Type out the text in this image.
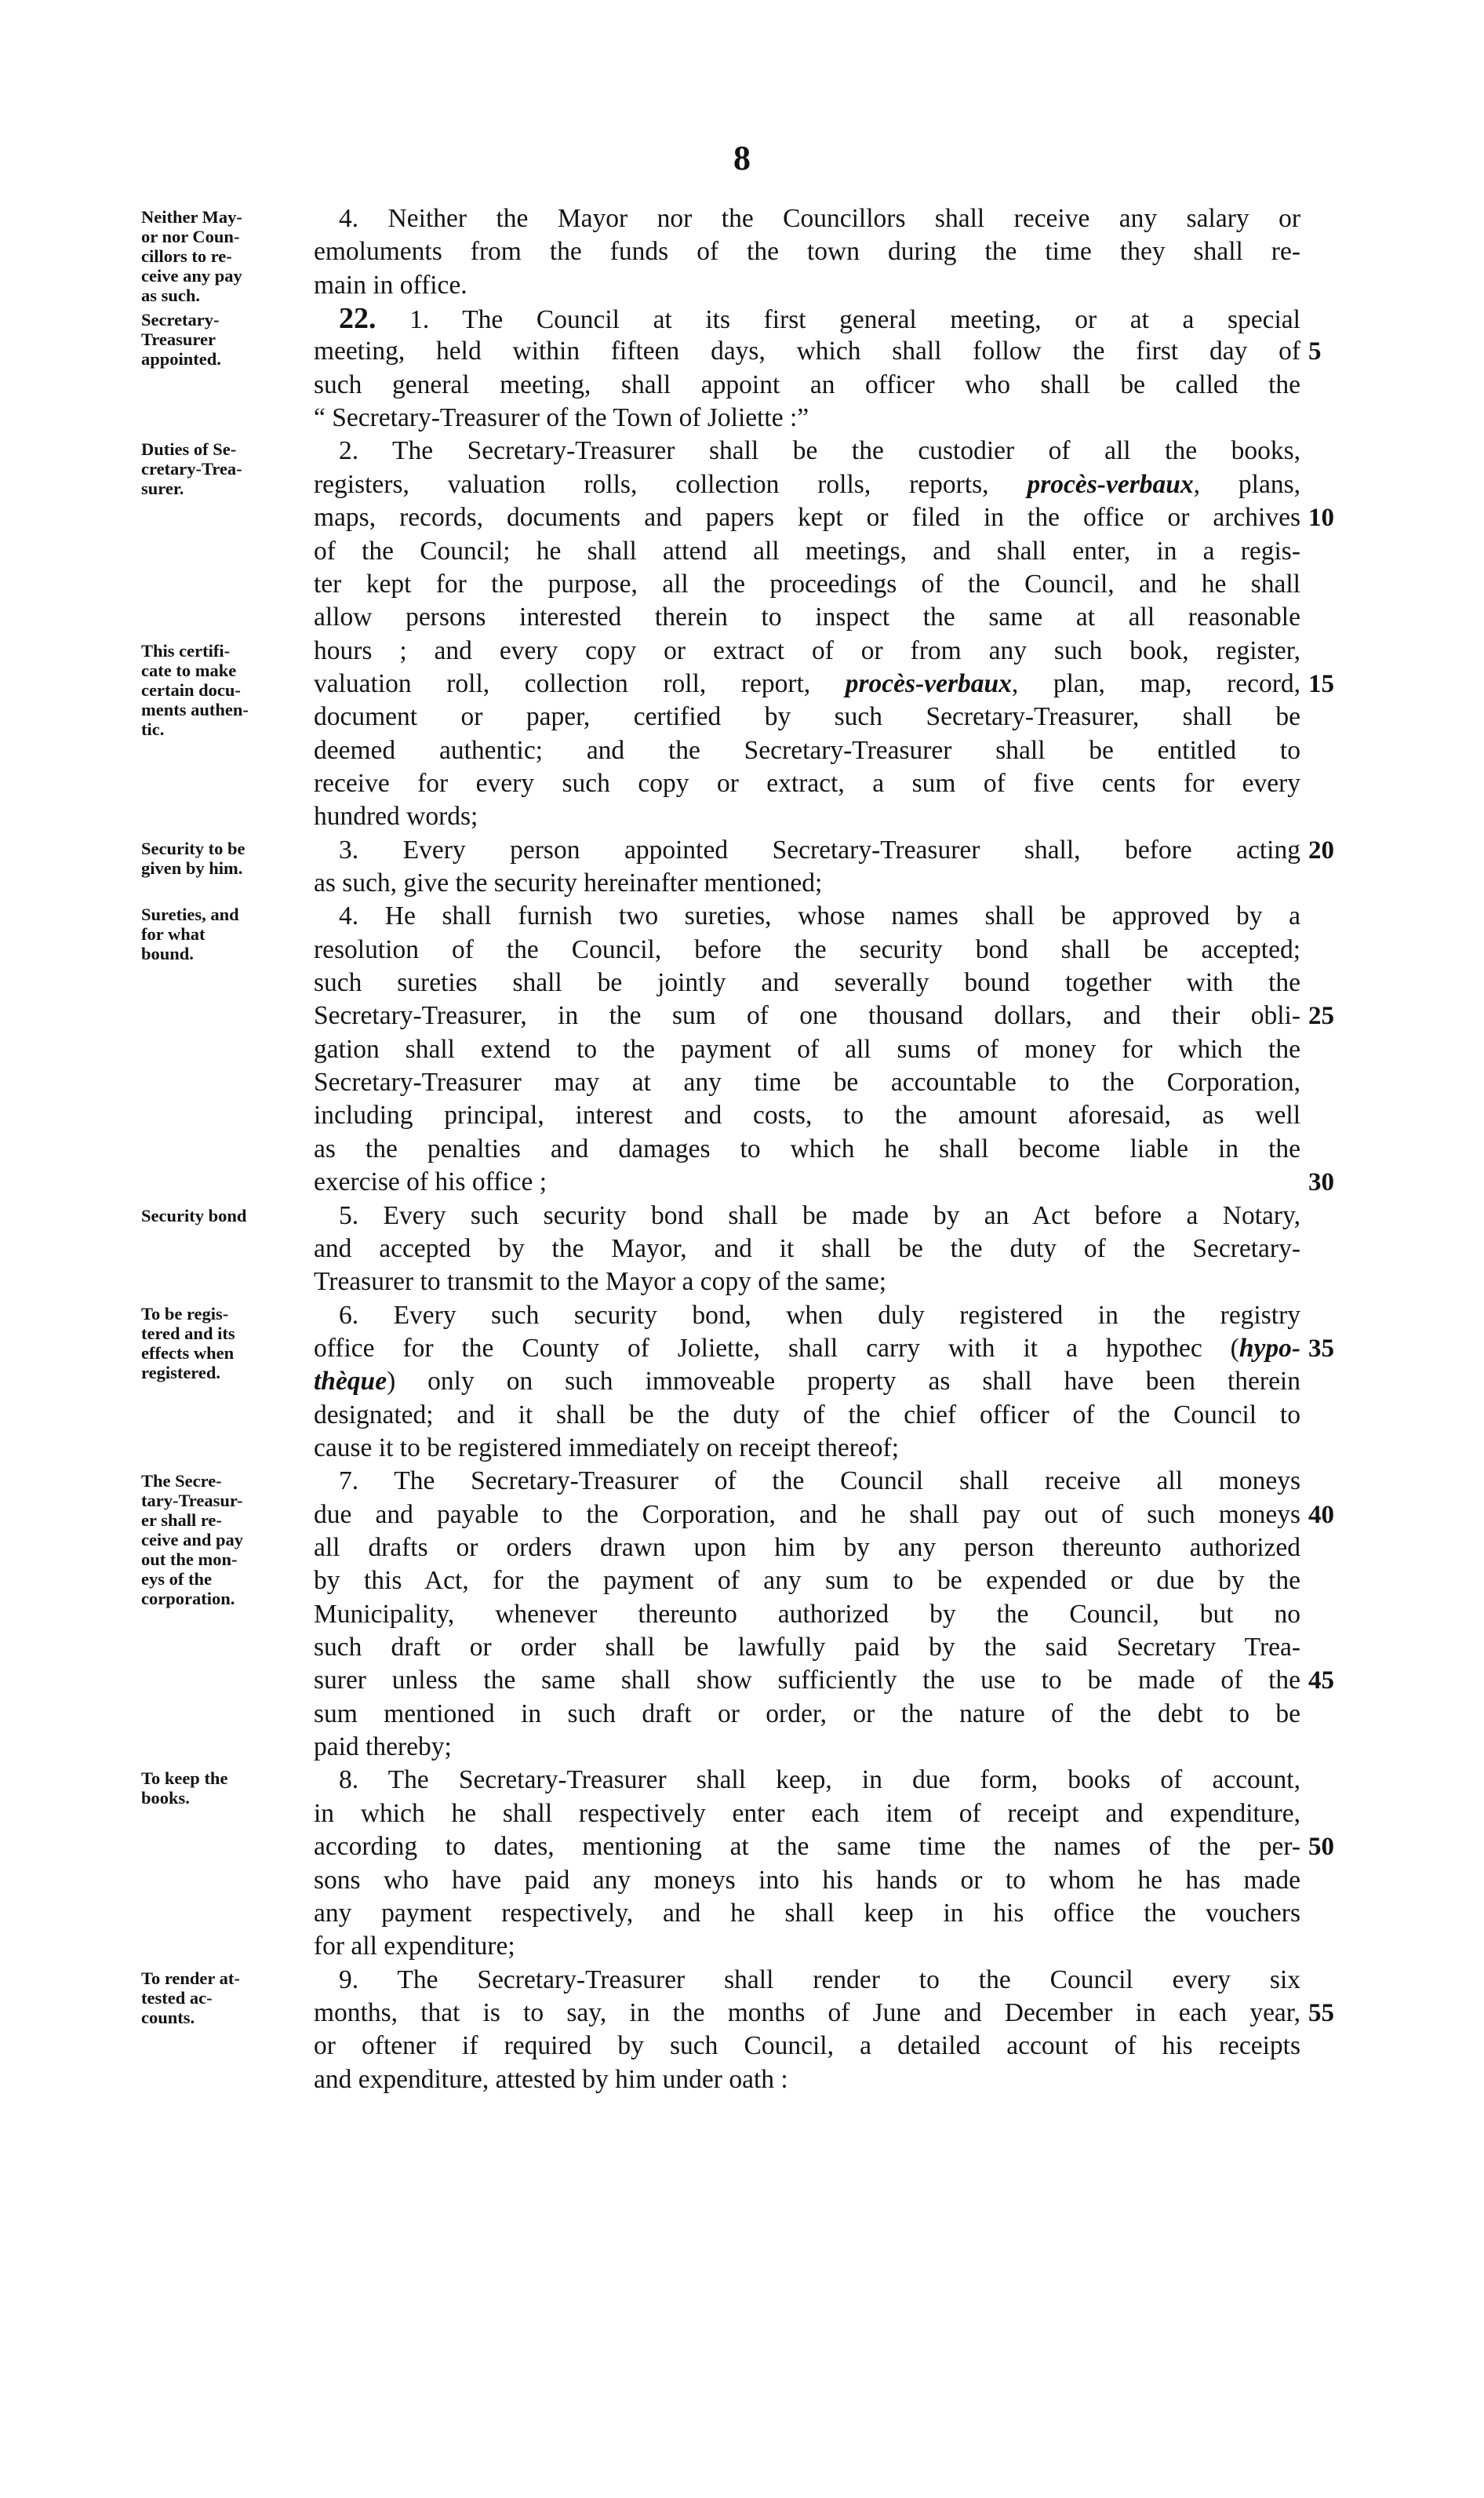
8
4. Neither the Mayor nor the Councillors shall receive any salary or
emoluments from the funds of the town during the time they shall re-
main in office.
22. 1. The Council at its first general meeting, or at a special
meeting, held within fifteen days, which shall follow the first day of
such general meeting, shall appoint an officer who shall be called the
“ Secretary-Treasurer of the Town of Joliette :”
2. The Secretary-Treasurer shall be the custodier of all the books,
registers, valuation rolls, collection rolls, reports, procès-verbaux, plans,
maps, records, documents and papers kept or filed in the office or archives
of the Council; he shall attend all meetings, and shall enter, in a regis-
ter kept for the purpose, all the proceedings of the Council, and he shall
allow persons interested therein to inspect the same at all reasonable
hours ; and every copy or extract of or from any such book, register,
valuation roll, collection roll, report, procès-verbaux, plan, map, record,
document or paper, certified by such Secretary-Treasurer, shall be
deemed authentic; and the Secretary-Treasurer shall be entitled to
receive for every such copy or extract, a sum of five cents for every
hundred words;
3. Every person appointed Secretary-Treasurer shall, before acting
as such, give the security hereinafter mentioned;
4. He shall furnish two sureties, whose names shall be approved by a
resolution of the Council, before the security bond shall be accepted;
such sureties shall be jointly and severally bound together with the
Secretary-Treasurer, in the sum of one thousand dollars, and their obli-
gation shall extend to the payment of all sums of money for which the
Secretary-Treasurer may at any time be accountable to the Corporation,
including principal, interest and costs, to the amount aforesaid, as well
as the penalties and damages to which he shall become liable in the
exercise of his office ;
5. Every such security bond shall be made by an Act before a Notary,
and accepted by the Mayor, and it shall be the duty of the Secretary-
Treasurer to transmit to the Mayor a copy of the same;
6. Every such security bond, when duly registered in the registry
office for the County of Joliette, shall carry with it a hypothec (hypo-
thèque) only on such immoveable property as shall have been therein
designated; and it shall be the duty of the chief officer of the Council to
cause it to be registered immediately on receipt thereof;
7. The Secretary-Treasurer of the Council shall receive all moneys
due and payable to the Corporation, and he shall pay out of such moneys
all drafts or orders drawn upon him by any person thereunto authorized
by this Act, for the payment of any sum to be expended or due by the
Municipality, whenever thereunto authorized by the Council, but no
such draft or order shall be lawfully paid by the said Secretary Trea-
surer unless the same shall show sufficiently the use to be made of the
sum mentioned in such draft or order, or the nature of the debt to be
paid thereby;
8. The Secretary-Treasurer shall keep, in due form, books of account,
in which he shall respectively enter each item of receipt and expenditure,
according to dates, mentioning at the same time the names of the per-
sons who have paid any moneys into his hands or to whom he has made
any payment respectively, and he shall keep in his office the vouchers
for all expenditure;
9. The Secretary-Treasurer shall render to the Council every six
months, that is to say, in the months of June and December in each year,
or oftener if required by such Council, a detailed account of his receipts
and expenditure, attested by him under oath :
5
10
15
20
25
30
35
40
45
50
55
Neither May-
or nor Coun-
cillors to re-
ceive any pay
as such.
Secretary-
Treasurer
appointed.
Duties of Se-
cretary-Trea-
surer.
This certifi-
cate to make
certain docu-
ments authen-
tic.
Security to be
given by him.
Sureties, and
for what
bound.
Security bond
To be regis-
tered and its
effects when
registered.
The Secre-
tary-Treasur-
er shall re-
ceive and pay
out the mon-
eys of the
corporation.
To keep the
books.
To render at-
tested ac-
counts.
